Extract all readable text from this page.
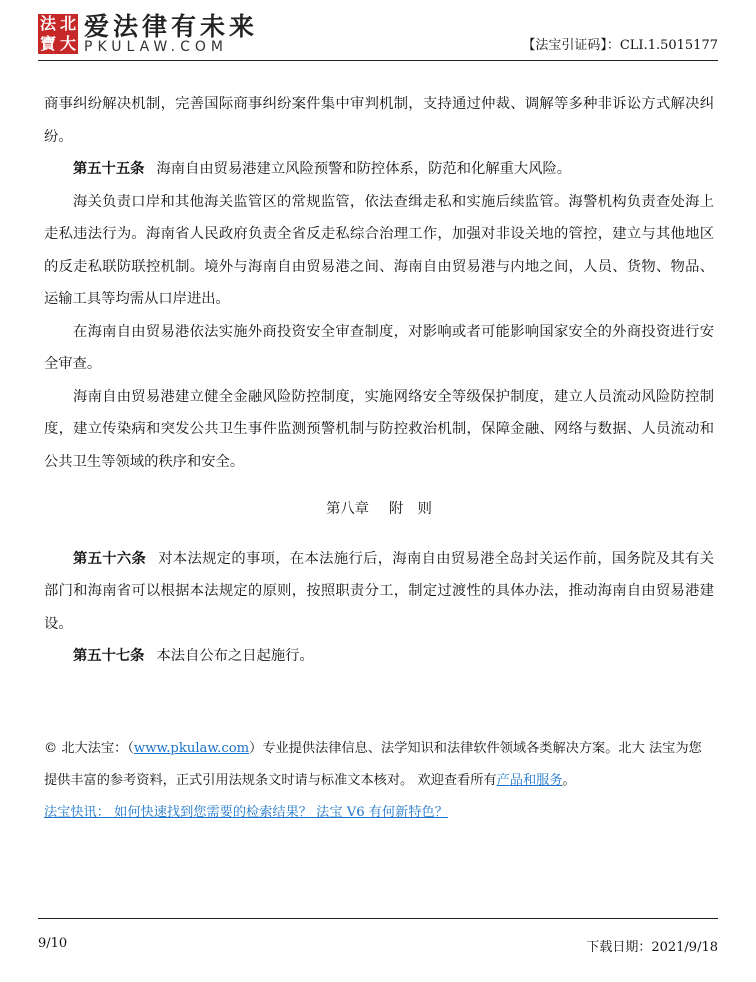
法 北
寶 大
爱法律有未来
PKULAW.COM	【法宝引证码】：CLI.1.5015177

商事纠纷解决机制，完善国际商事纠纷案件集中审判机制，支持通过仲裁、调解等多种非诉讼方式解决纠纷。

第五十五条 海南自由贸易港建立风险预警和防控体系，防范和化解重大风险。

海关负责口岸和其他海关监管区的常规监管，依法查缉走私和实施后续监管。海警机构负责查处海上走私违法行为。海南省人民政府负责全省反走私综合治理工作，加强对非设关地的管控，建立与其他地区的反走私联防联控机制。境外与海南自由贸易港之间、海南自由贸易港与内地之间，人员、货物、物品、运输工具等均需从口岸进出。

在海南自由贸易港依法实施外商投资安全审查制度，对影响或者可能影响国家安全的外商投资进行安全审查。

海南自由贸易港建立健全金融风险防控制度，实施网络安全等级保护制度，建立人员流动风险防控制度，建立传染病和突发公共卫生事件监测预警机制与防控救治机制，保障金融、网络与数据、人员流动和公共卫生等领域的秩序和安全。

第八章 附　则

第五十六条 对本法规定的事项，在本法施行后，海南自由贸易港全岛封关运作前，国务院及其有关部门和海南省可以根据本法规定的原则，按照职责分工，制定过渡性的具体办法，推动海南自由贸易港建设。

第五十七条 本法自公布之日起施行。

© 北大法宝：（www.pkulaw.com）专业提供法律信息、法学知识和法律软件领域各类解决方案。北大 法宝为您提供丰富的参考资料，正式引用法规条文时请与标准文本核对。 欢迎查看所有产品和服务。

法宝快讯： 如何快速找到您需要的检索结果？ 法宝 V6 有何新特色？

9/10	下载日期：2021/9/18
